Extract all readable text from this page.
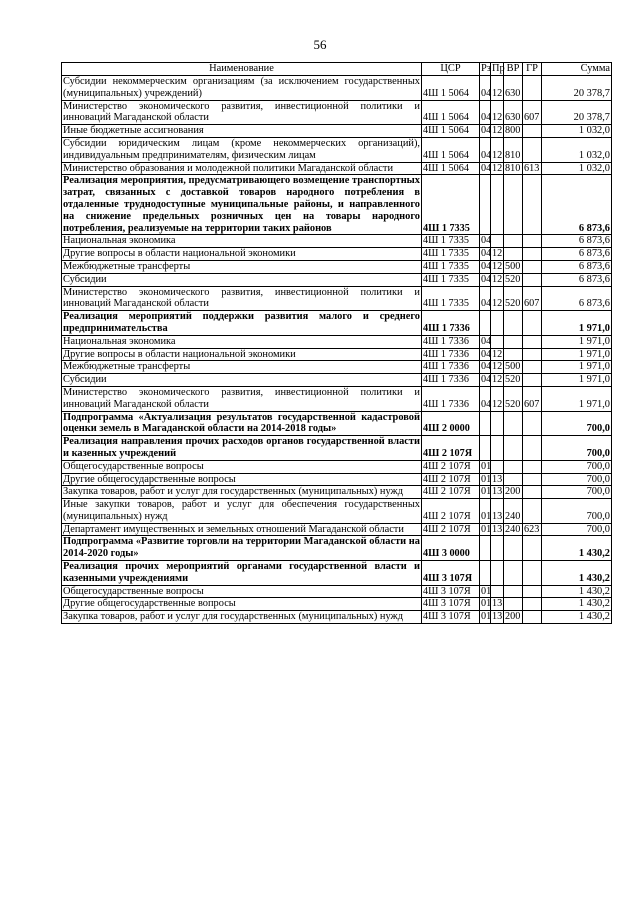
56
Наименование	ЦСР	Рз	Пр	ВР	ГР	Сумма
Субсидии некоммерческим организациям (за исключением государственных (муниципальных) учреждений)	4Ш 1 5064	04	12	630		20 378,7
Министерство экономического развития, инвестиционной политики и инноваций Магаданской области	4Ш 1 5064	04	12	630	607	20 378,7
Иные бюджетные ассигнования	4Ш 1 5064	04	12	800		1 032,0
Субсидии юридическим лицам (кроме некоммерческих организаций), индивидуальным предпринимателям, физическим лицам	4Ш 1 5064	04	12	810		1 032,0
Министерство образования и молодежной политики Магаданской области	4Ш 1 5064	04	12	810	613	1 032,0
Реализация мероприятия, предусматривающего возмещение транспортных затрат, связанных с доставкой товаров народного потребления в отдаленные труднодоступные муниципальные районы, и направленного на снижение предельных розничных цен на товары народного потребления, реализуемые на территории таких районов	4Ш 1 7335					6 873,6
Национальная экономика	4Ш 1 7335	04				6 873,6
Другие вопросы в области национальной экономики	4Ш 1 7335	04	12			6 873,6
Межбюджетные трансферты	4Ш 1 7335	04	12	500		6 873,6
Субсидии	4Ш 1 7335	04	12	520		6 873,6
Министерство экономического развития, инвестиционной политики и инноваций Магаданской области	4Ш 1 7335	04	12	520	607	6 873,6
Реализация мероприятий поддержки развития малого и среднего предпринимательства	4Ш 1 7336					1 971,0
Национальная экономика	4Ш 1 7336	04				1 971,0
Другие вопросы в области национальной экономики	4Ш 1 7336	04	12			1 971,0
Межбюджетные трансферты	4Ш 1 7336	04	12	500		1 971,0
Субсидии	4Ш 1 7336	04	12	520		1 971,0
Министерство экономического развития, инвестиционной политики и инноваций Магаданской области	4Ш 1 7336	04	12	520	607	1 971,0
Подпрограмма «Актуализация результатов государственной кадастровой оценки земель в Магаданской области на 2014-2018 годы»	4Ш 2 0000					700,0
Реализация направления прочих расходов органов государственной власти и казенных учреждений	4Ш 2 107Я					700,0
Общегосударственные вопросы	4Ш 2 107Я	01				700,0
Другие общегосударственные вопросы	4Ш 2 107Я	01	13			700,0
Закупка товаров, работ и услуг для государственных (муниципальных) нужд	4Ш 2 107Я	01	13	200		700,0
Иные закупки товаров, работ и услуг для обеспечения государственных (муниципальных) нужд	4Ш 2 107Я	01	13	240		700,0
Департамент имущественных и земельных отношений Магаданской области	4Ш 2 107Я	01	13	240	623	700,0
Подпрограмма «Развитие торговли на территории Магаданской области на 2014-2020 годы»	4Ш 3 0000					1 430,2
Реализация прочих мероприятий органами государственной власти и казенными учреждениями	4Ш 3 107Я					1 430,2
Общегосударственные вопросы	4Ш 3 107Я	01				1 430,2
Другие общегосударственные вопросы	4Ш 3 107Я	01	13			1 430,2
Закупка товаров, работ и услуг для государственных (муниципальных) нужд	4Ш 3 107Я	01	13	200		1 430,2
